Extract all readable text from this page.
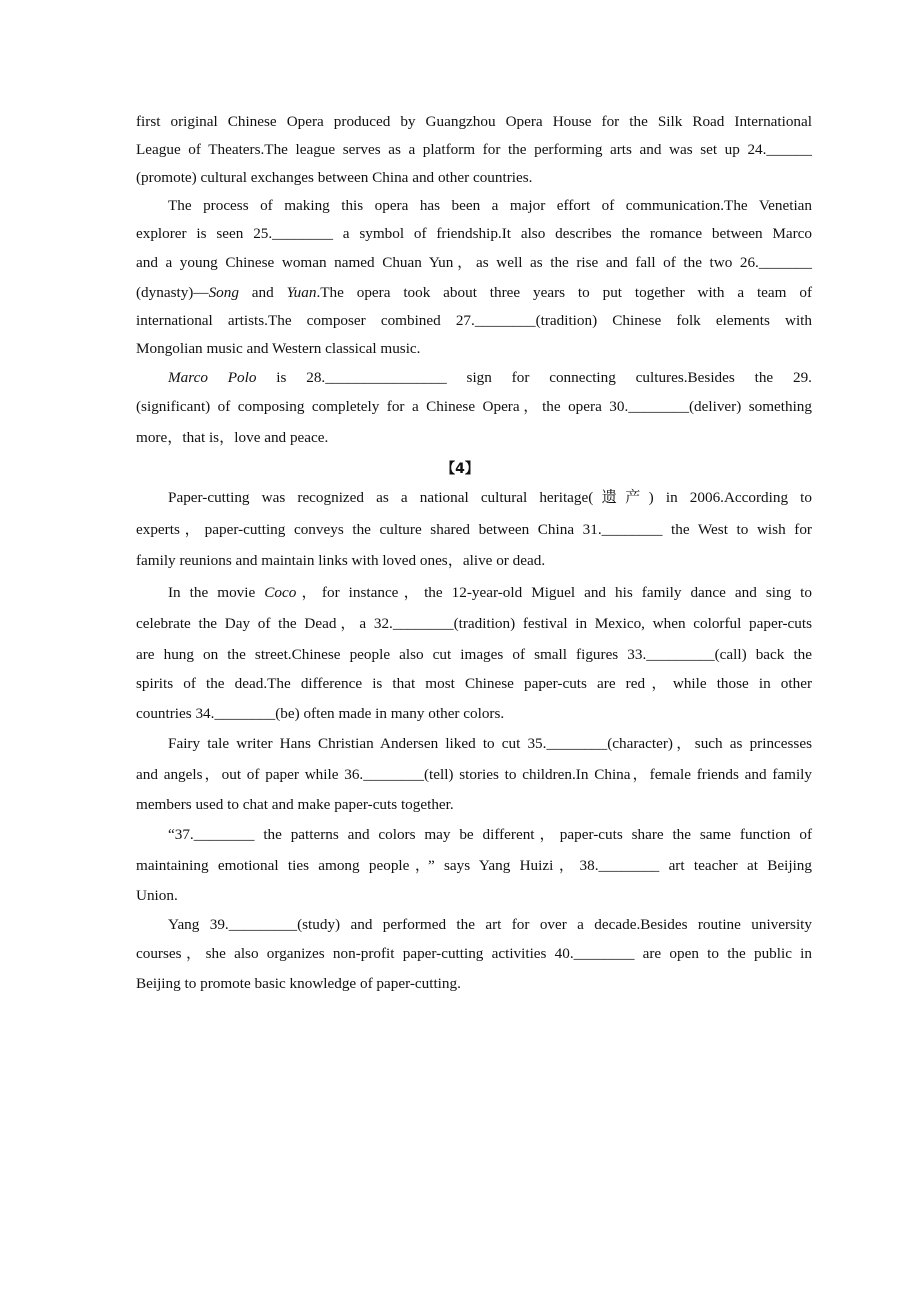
first original Chinese Opera produced by Guangzhou Opera House for the Silk Road International
League of Theaters.The league serves as a platform for the performing arts and was set up 24.______
(promote) cultural exchanges between China and other countries.
The process of making this opera has been a major effort of communication.The Venetian
explorer is seen 25.________ a symbol of friendship.It also describes the romance between Marco
and a young Chinese woman named Chuan Yun，as well as the rise and fall of the two 26._______
(dynasty)—Song and Yuan.The opera took about three years to put together with a team of
international artists.The composer combined 27.________(tradition) Chinese folk elements with
Mongolian music and Western classical music.
Marco Polo is 28.________________ sign for connecting cultures.Besides the 29.
(significant) of composing completely for a Chinese Opera，the opera 30.________(deliver) something
more，that is，love and peace.
【4】
Paper-cutting was recognized as a national cultural heritage(遗产) in 2006.According to
experts，paper-cutting conveys the culture shared between China 31.________ the West to wish for
family reunions and maintain links with loved ones，alive or dead.
In the movie Coco，for instance，the 12-year-old Miguel and his family dance and sing to
celebrate the Day of the Dead，a 32.________(tradition) festival in Mexico, when colorful paper-cuts
are hung on the street.Chinese people also cut images of small figures 33._________(call) back the
spirits of the dead.The difference is that most Chinese paper-cuts are red，while those in other
countries 34.________(be) often made in many other colors.
Fairy tale writer Hans Christian Andersen liked to cut 35.________(character)，such as princesses
and angels，out of paper while 36.________(tell) stories to children.In China，female friends and family
members used to chat and make paper-cuts together.
“37.________ the patterns and colors may be different，paper-cuts share the same function of
maintaining emotional ties among people，” says Yang Huizi，38.________ art teacher at Beijing
Union.
Yang 39._________(study) and performed the art for over a decade.Besides routine university
courses，she also organizes non-profit paper-cutting activities 40.________ are open to the public in
Beijing to promote basic knowledge of paper-cutting.
